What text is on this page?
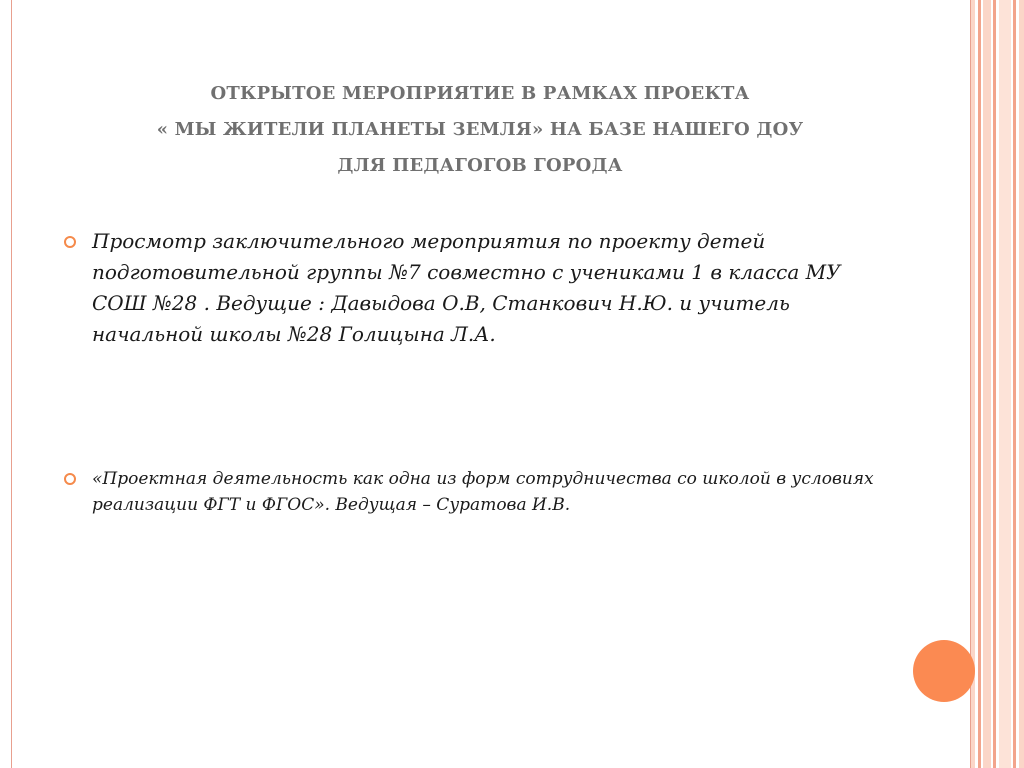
ОТКРЫТОЕ МЕРОПРИЯТИЕ В РАМКАХ ПРОЕКТА
« МЫ ЖИТЕЛИ ПЛАНЕТЫ ЗЕМЛЯ» НА БАЗЕ НАШЕГО ДОУ
ДЛЯ ПЕДАГОГОВ ГОРОДА
Просмотр заключительного мероприятия по проекту детей подготовительной группы №7 совместно с учениками 1 в класса МУ СОШ №28 . Ведущие : Давыдова О.В, Станкович Н.Ю. и учитель начальной школы №28 Голицына Л.А.
«Проектная деятельность как одна из форм сотрудничества со школой в условиях реализации ФГТ и ФГОС». Ведущая – Суратова И.В.
